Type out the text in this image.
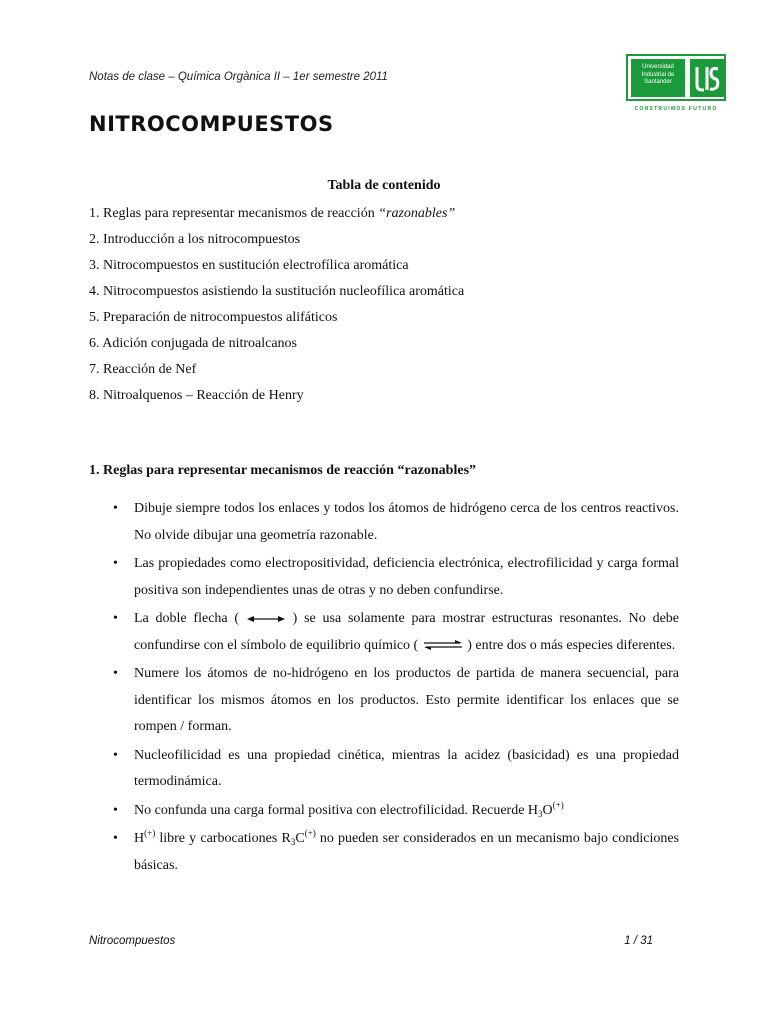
Notas de clase – Química Orgànica II – 1er semestre 2011
Universidad
Industrial de
Santander
CONSTRUIMOS FUTURO
NITROCOMPUESTOS
Tabla de contenido
1. Reglas para representar mecanismos de reacción “razonables”
2. Introducción a los nitrocompuestos
3. Nitrocompuestos en sustitución electrofílica aromática
4. Nitrocompuestos asistiendo la sustitución nucleofílica aromática
5. Preparación de nitrocompuestos alifáticos
6. Adición conjugada de nitroalcanos
7. Reacción de Nef
8. Nitroalquenos – Reacción de Henry
1. Reglas para representar mecanismos de reacción “razonables”
• Dibuje siempre todos los enlaces y todos los átomos de hidrógeno cerca de los centros reactivos. No olvide dibujar una geometría razonable.
• Las propiedades como electropositividad, deficiencia electrónica, electrofilicidad y carga formal positiva son independientes unas de otras y no deben confundirse.
• La doble flecha (	) se usa solamente para mostrar estructuras resonantes. No debe confundirse con el símbolo de equilibrio químico ( ⇌ ) entre dos o más especies diferentes.
• Numere los átomos de no-hidrógeno en los productos de partida de manera secuencial, para identificar los mismos átomos en los productos. Esto permite identificar los enlaces que se rompen / forman.
• Nucleofilicidad es una propiedad cinética, mientras la acidez (basicidad) es una propiedad termodinámica.
• No confunda una carga formal positiva con electrofilicidad. Recuerde $H_3O^{(+)}$
• H(+) libre y carbocationes $R_3C^{(+)}$ no pueden ser considerados en un mecanismo bajo condiciones básicas.
Nitrocompuestos	1 / 31
